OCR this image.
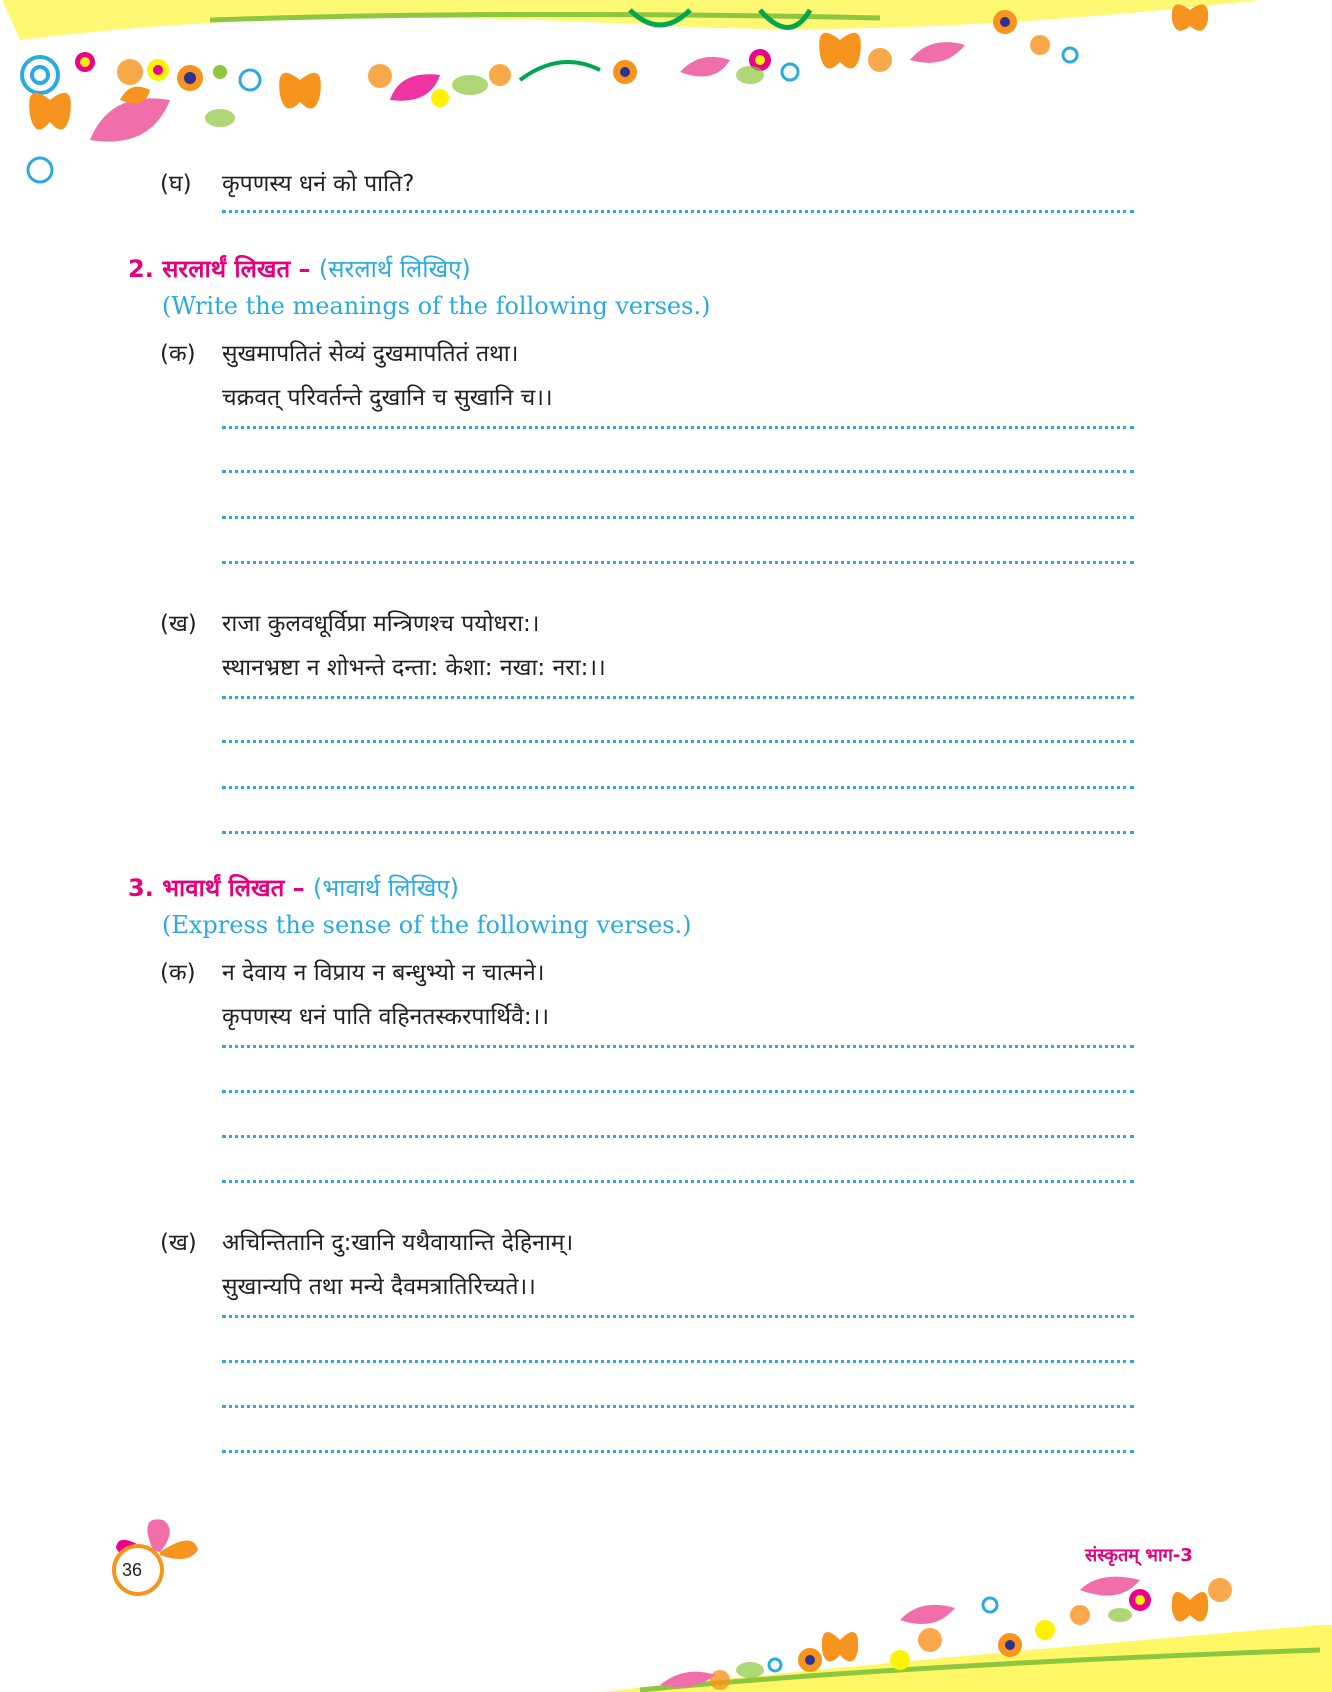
(घ) कृपणस्य धनं को पाति?
2. सरलार्थं लिखत – (सरलार्थ लिखिए)
(Write the meanings of the following verses.)
(क) सुखमापतितं सेव्यं दुखमापतितं तथा।
चक्रवत् परिवर्तन्ते दुखानि च सुखानि च।।
(ख) राजा कुलवधूर्विप्रा मन्त्रिणश्च पयोधरा:।
स्थानभ्रष्टा न शोभन्ते दन्ता: केशा: नखा: नरा:।।
3. भावार्थं लिखत – (भावार्थ लिखिए)
(Express the sense of the following verses.)
(क) न देवाय न विप्राय न बन्धुभ्यो न चात्मने।
कृपणस्य धनं पाति वहिनतस्करपार्थिवै:।।
(ख) अचिन्तितानि दु:खानि यथैवायान्ति देहिनाम्।
सुखान्यपि तथा मन्ये दैवमत्रातिरिच्यते।।
36
संस्कृतम् भाग-3
